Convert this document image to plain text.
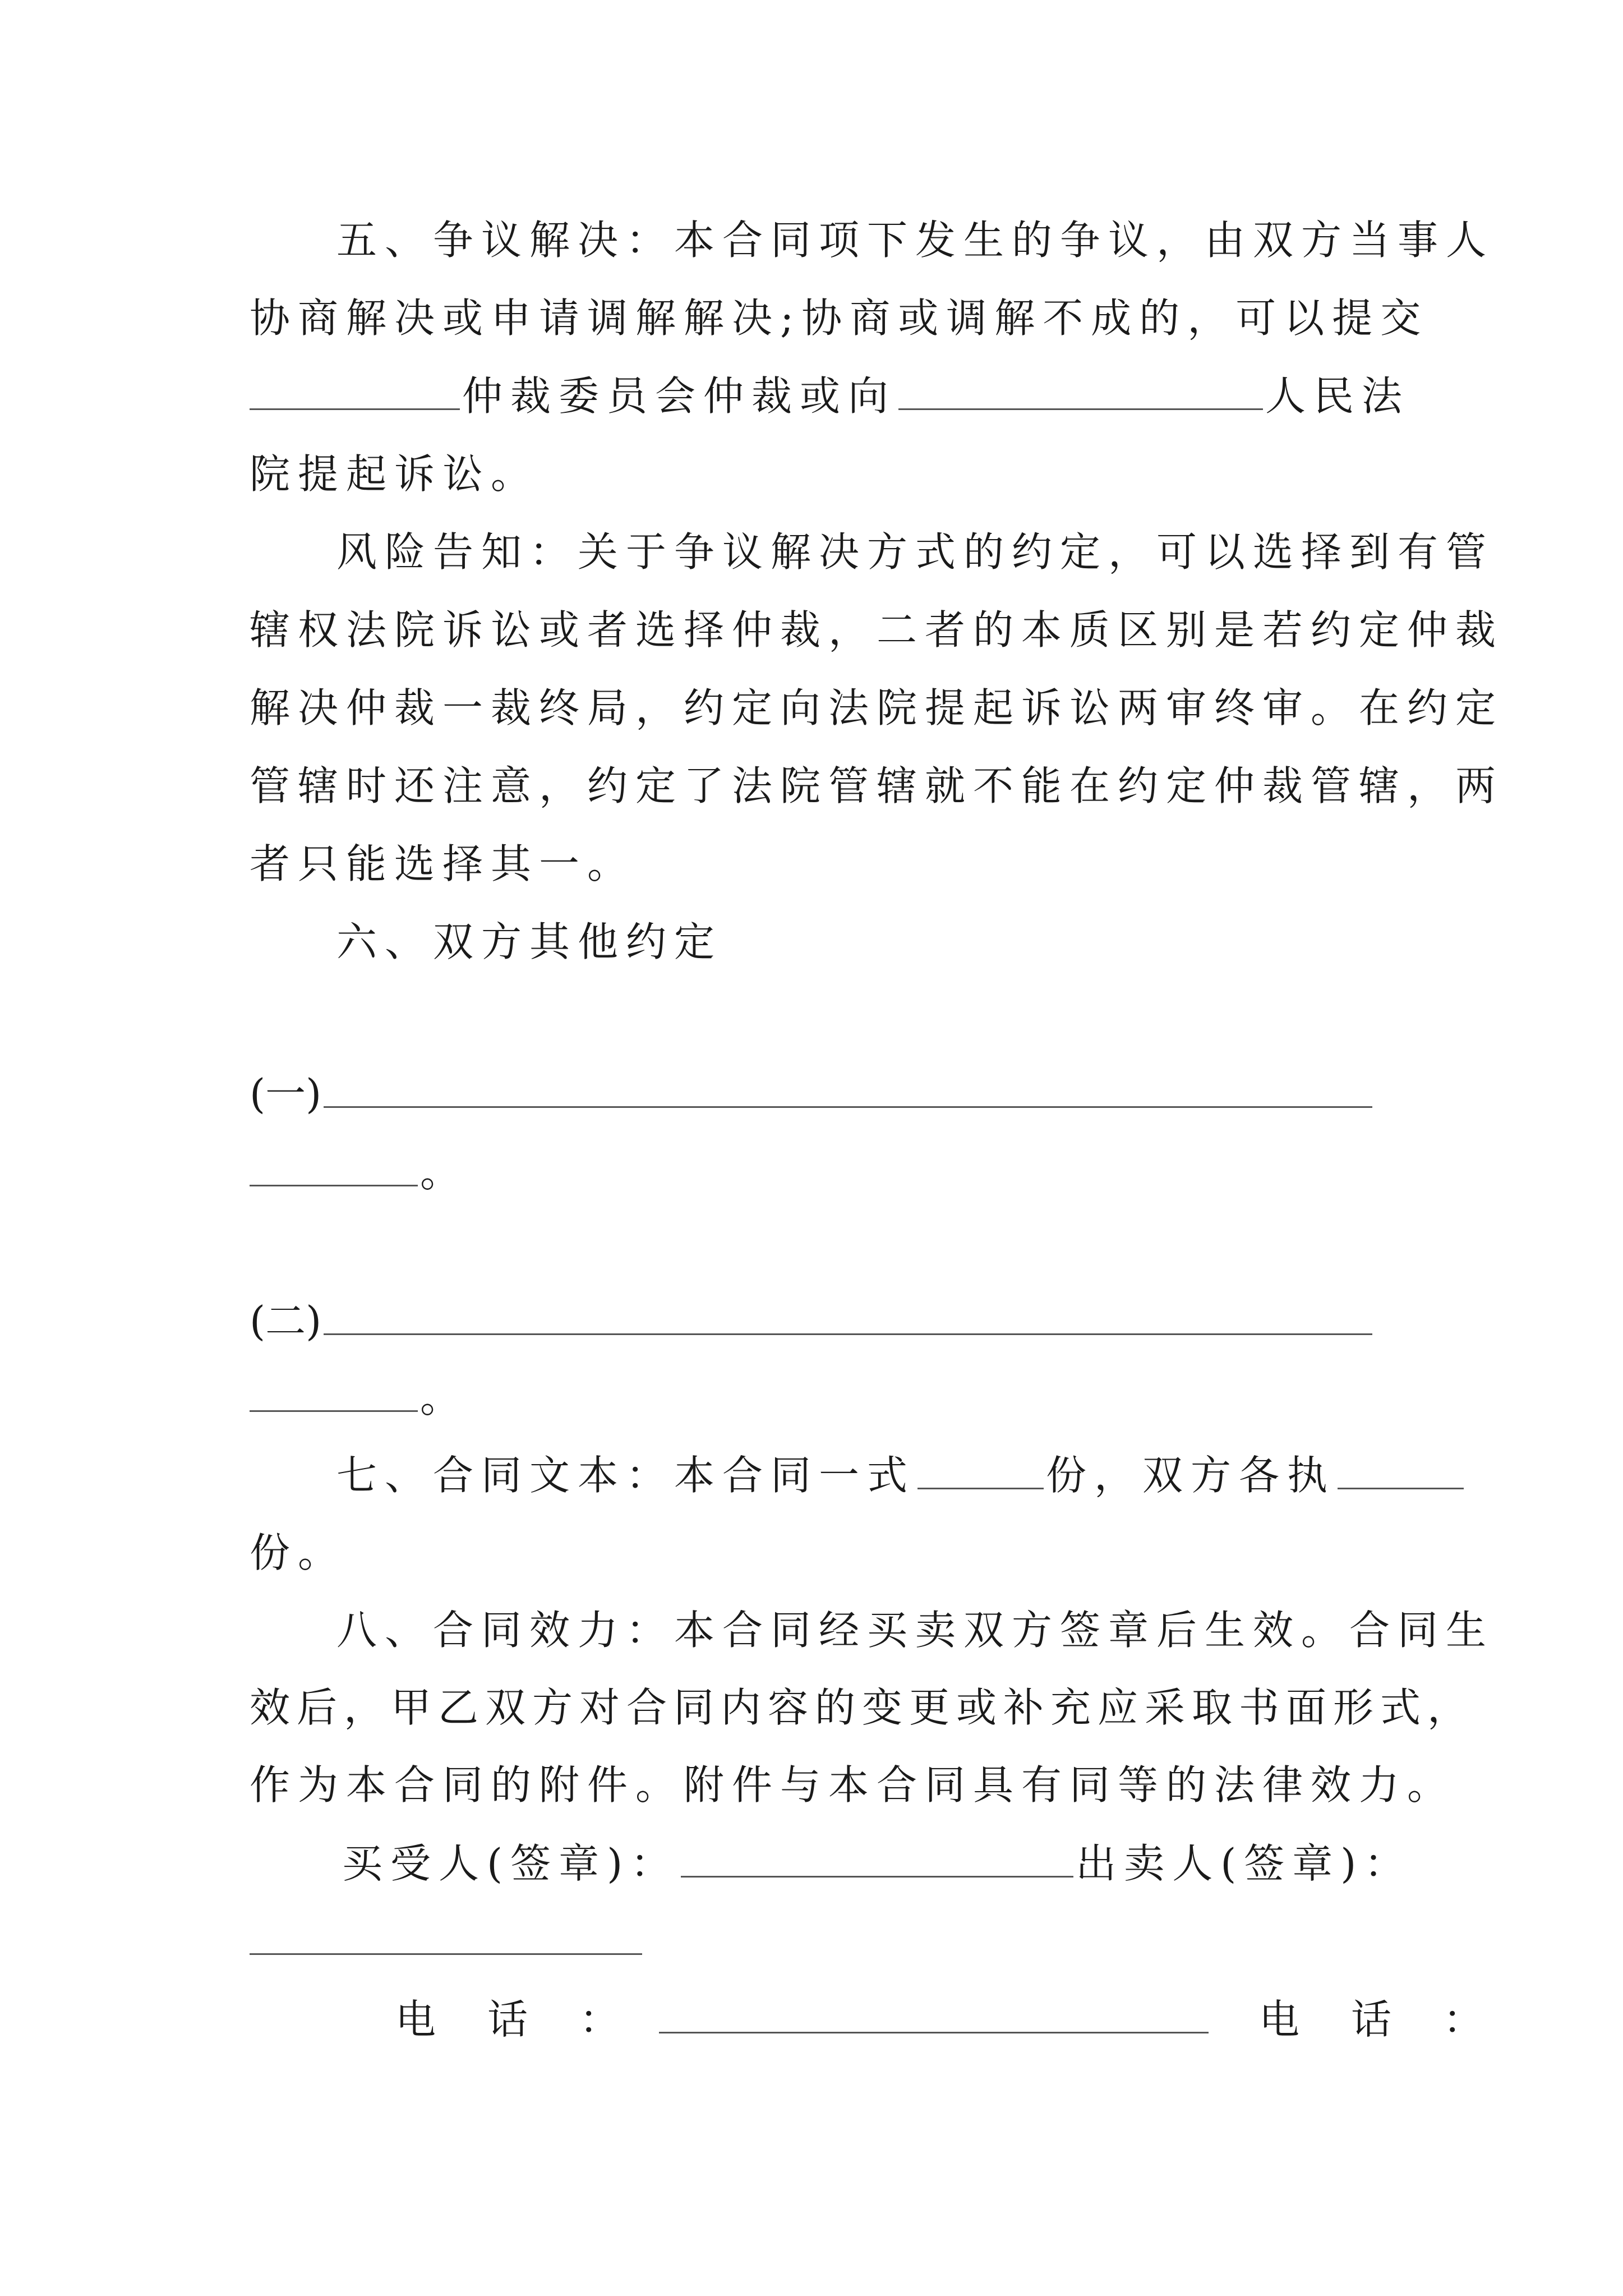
五、争议解决：本合同项下发生的争议，由双方当事人
协商解决或申请调解解决;协商或调解不成的，可以提交
仲裁委员会仲裁或向	人民法
院提起诉讼。
风险告知：关于争议解决方式的约定，可以选择到有管
辖权法院诉讼或者选择仲裁，二者的本质区别是若约定仲裁
解决仲裁一裁终局，约定向法院提起诉讼两审终审。在约定
管辖时还注意，约定了法院管辖就不能在约定仲裁管辖，两
者只能选择其一。
六、双方其他约定
(一)
。
(二)
。
七、合同文本：本合同一式	份，双方各执
份。
八、合同效力：本合同经买卖双方签章后生效。合同生
效后，甲乙双方对合同内容的变更或补充应采取书面形式，
作为本合同的附件。附件与本合同具有同等的法律效力。
买受人(签章)：	出卖人(签章)：
电　话　：	电　话　：
